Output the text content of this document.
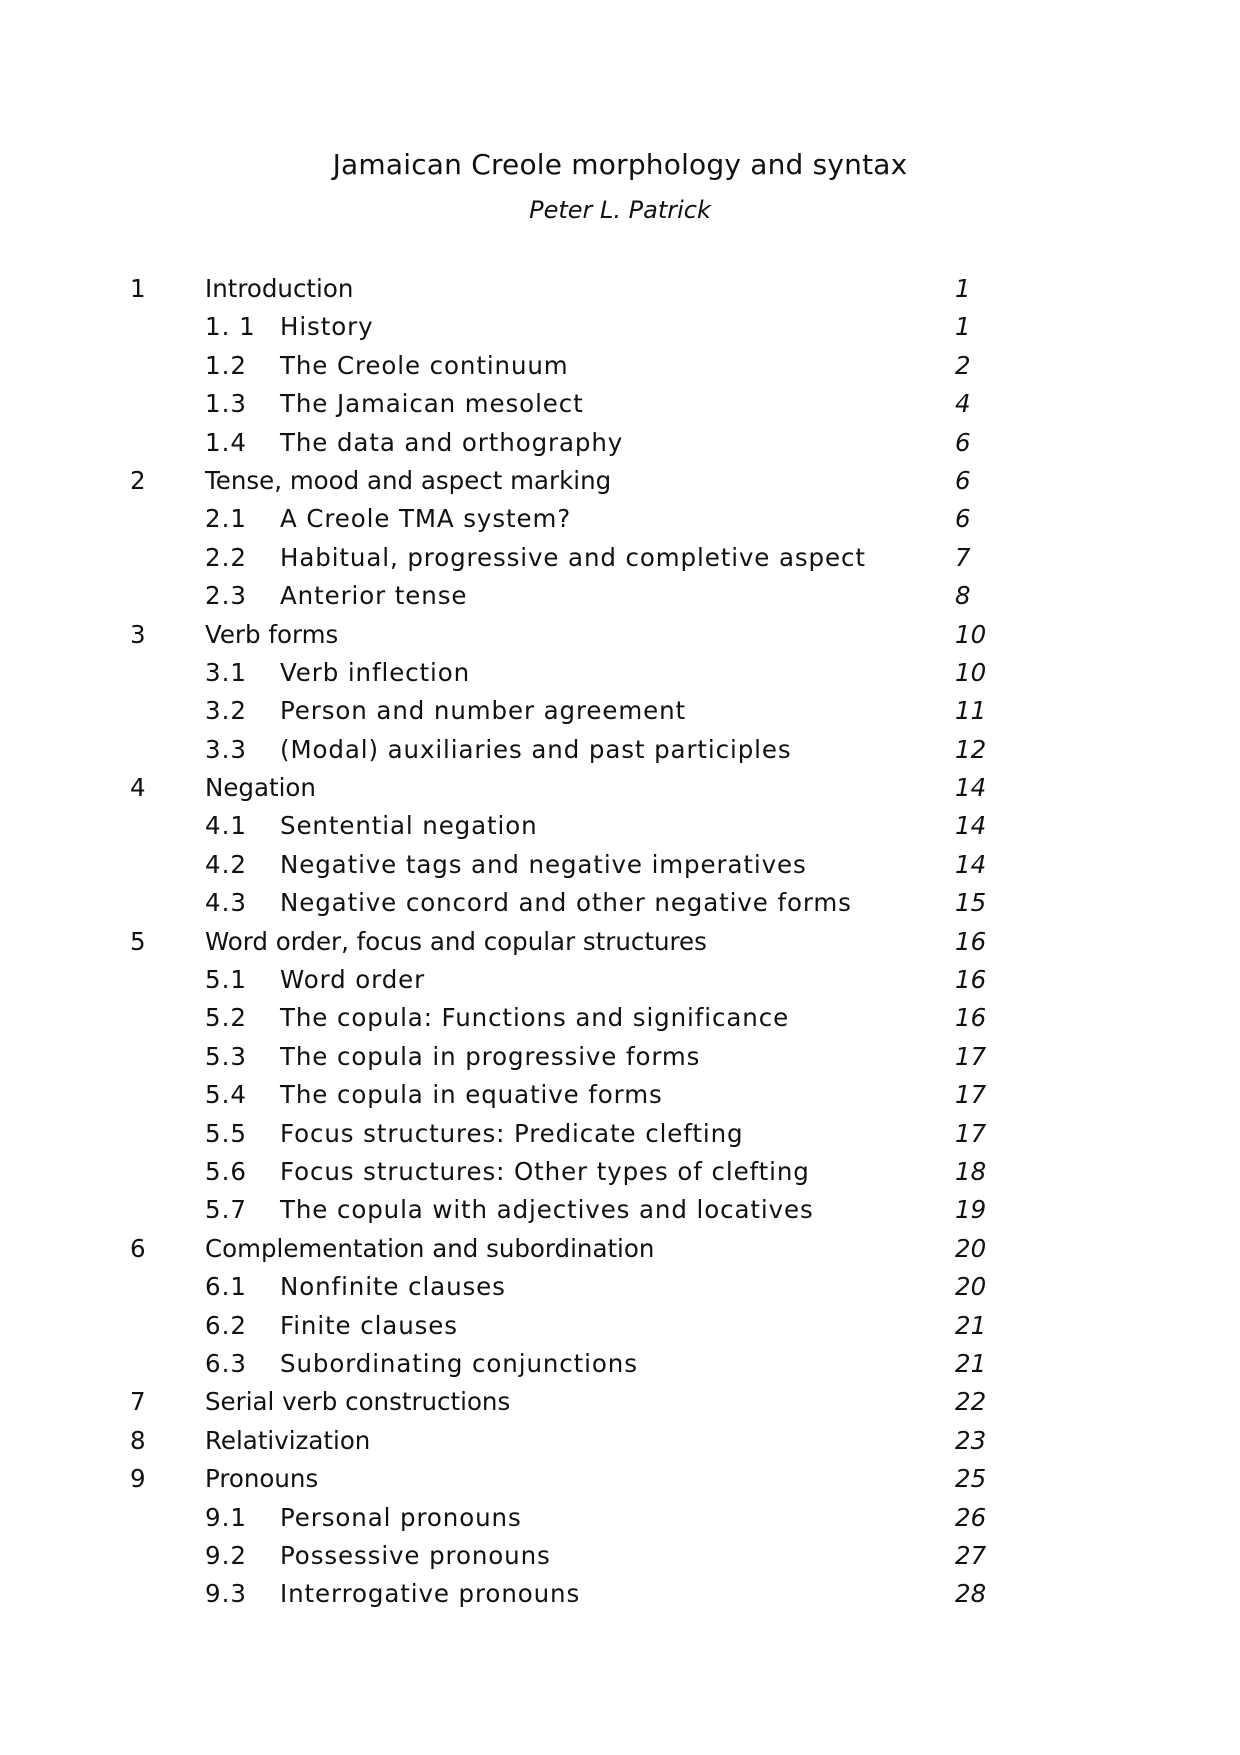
Jamaican Creole morphology and syntax
Peter L. Patrick
1 Introduction	1
1. 1 History	1
1.2 The Creole continuum	2
1.3 The Jamaican mesolect	4
1.4 The data and orthography	6
2 Tense, mood and aspect marking	6
2.1 A Creole TMA system?	6
2.2 Habitual, progressive and completive aspect	7
2.3 Anterior tense	8
3 Verb forms	10
3.1 Verb inflection	10
3.2 Person and number agreement	11
3.3 (Modal) auxiliaries and past participles	12
4 Negation	14
4.1 Sentential negation	14
4.2 Negative tags and negative imperatives	14
4.3 Negative concord and other negative forms	15
5 Word order, focus and copular structures	16
5.1 Word order	16
5.2 The copula: Functions and significance	16
5.3 The copula in progressive forms	17
5.4 The copula in equative forms	17
5.5 Focus structures: Predicate clefting	17
5.6 Focus structures: Other types of clefting	18
5.7 The copula with adjectives and locatives	19
6 Complementation and subordination	20
6.1 Nonfinite clauses	20
6.2 Finite clauses	21
6.3 Subordinating conjunctions	21
7 Serial verb constructions	22
8 Relativization	23
9 Pronouns	25
9.1 Personal pronouns	26
9.2 Possessive pronouns	27
9.3 Interrogative pronouns	28
